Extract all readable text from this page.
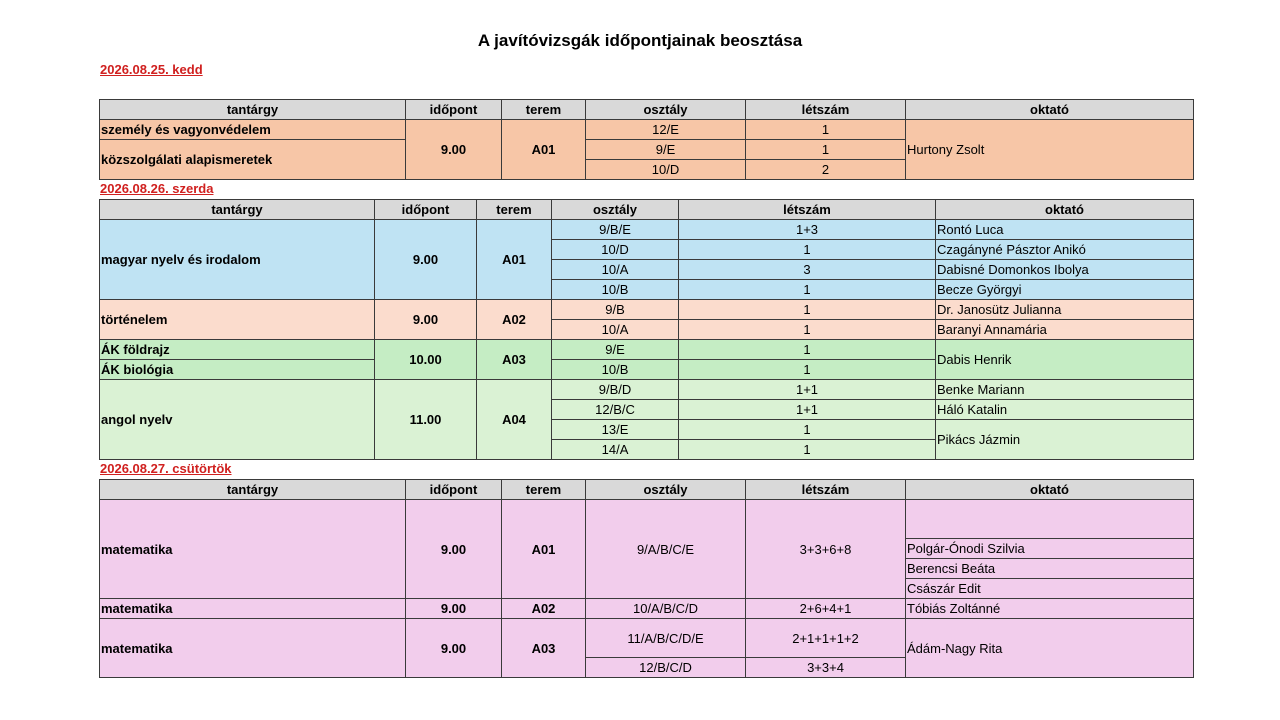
A javítóvizsgák időpontjainak beosztása
2026.08.25. kedd
tantárgy	időpont	terem	osztály	létszám	oktató
személy és vagyonvédelem	9.00	A01	12/E	1	Hurtony Zsolt
közszolgálati alapismeretek			9/E	1	
			10/D	2	
2026.08.26. szerda
tantárgy	időpont	terem	osztály	létszám	oktató
magyar nyelv és irodalom	9.00	A01	9/B/E	1+3	Rontó Luca
			10/D	1	Czagányné Pásztor Anikó
			10/A	3	Dabisné Domonkos Ibolya
			10/B	1	Becze Györgyi
történelem	9.00	A02	9/B	1	Dr. Janosütz Julianna
			10/A	1	Baranyi Annamária
ÁK földrajz	10.00	A03	9/E	1	Dabis Henrik
ÁK biológia			10/B	1	
angol nyelv	11.00	A04	9/B/D	1+1	Benke Mariann
			12/B/C	1+1	Háló Katalin
			13/E	1	Pikács Jázmin
			14/A	1	
2026.08.27. csütörtök
tantárgy	időpont	terem	osztály	létszám	oktató
matematika	9.00	A01	9/A/B/C/E	3+3+6+8	
					Polgár-Ónodi Szilvia
					Berencsi Beáta
					Császár Edit
matematika	9.00	A02	10/A/B/C/D	2+6+4+1	Tóbiás Zoltánné
matematika	9.00	A03	11/A/B/C/D/E	2+1+1+1+2	Ádám-Nagy Rita
			12/B/C/D	3+3+4	
